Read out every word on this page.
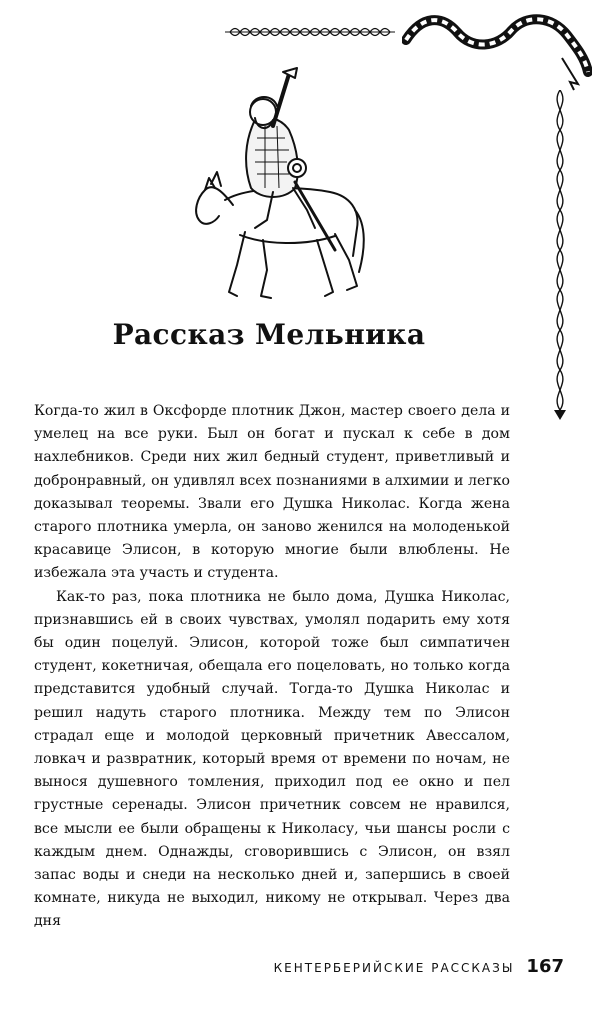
Рассказ Мельника

Когда-то жил в Оксфорде плотник Джон, мастер своего дела и умелец на все руки. Был он богат и пускал к себе в дом нахлебников. Среди них жил бедный студент, приветливый и добронравный, он удивлял всех познаниями в алхимии и легко доказывал теоремы. Звали его Душка Николас. Когда жена старого плотника умерла, он заново женился на молоденькой красавице Элисон, в которую многие были влюблены. Не избежала эта участь и студента.

Как-то раз, пока плотника не было дома, Душка Николас, признавшись ей в своих чувствах, умолял подарить ему хотя бы один поцелуй. Элисон, которой тоже был симпатичен студент, кокетничая, обещала его поцеловать, но только когда представится удобный случай. Тогда-то Душка Николас и решил надуть старого плотника. Между тем по Элисон страдал еще и молодой церковный причетник Авессалом, ловкач и развратник, который время от времени по ночам, не вынося душевного томления, приходил под ее окно и пел грустные серенады. Элисон причетник совсем не нравился, все мысли ее были обращены к Николасу, чьи шансы росли с каждым днем. Однажды, сговорившись с Элисон, он взял запас воды и снеди на несколько дней и, запершись в своей комнате, никуда не выходил, никому не открывал. Через два дня

КЕНТЕРБЕРИЙСКИЕ РАССКАЗЫ 167
